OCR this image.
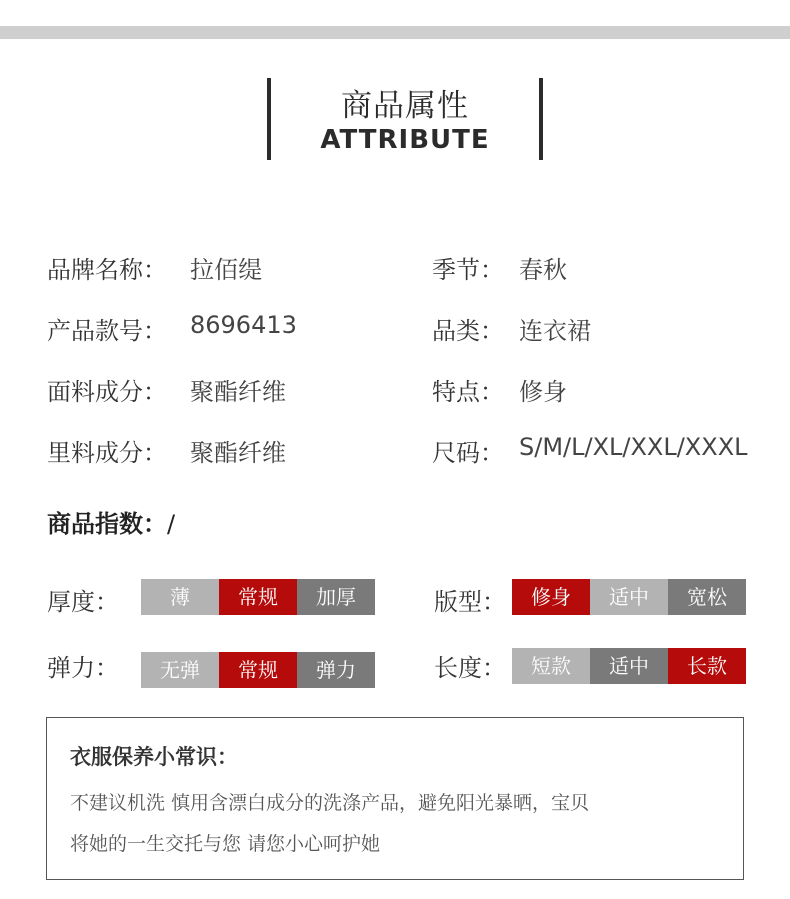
商品属性
ATTRIBUTE
品牌名称： 拉佰缇	季节： 春秋
产品款号： 8696413	品类： 连衣裙
面料成分： 聚酯纤维	特点： 修身
里料成分： 聚酯纤维	尺码： S/M/L/XL/XXL/XXXL
商品指数：/
厚度：	薄	常规	加厚	版型：	修身	适中	宽松
弹力：	无弹	常规	弹力	长度：	短款	适中	长款
衣服保养小常识：
不建议机洗 慎用含漂白成分的洗涤产品，避免阳光暴晒，宝贝
将她的一生交托与您 请您小心呵护她
